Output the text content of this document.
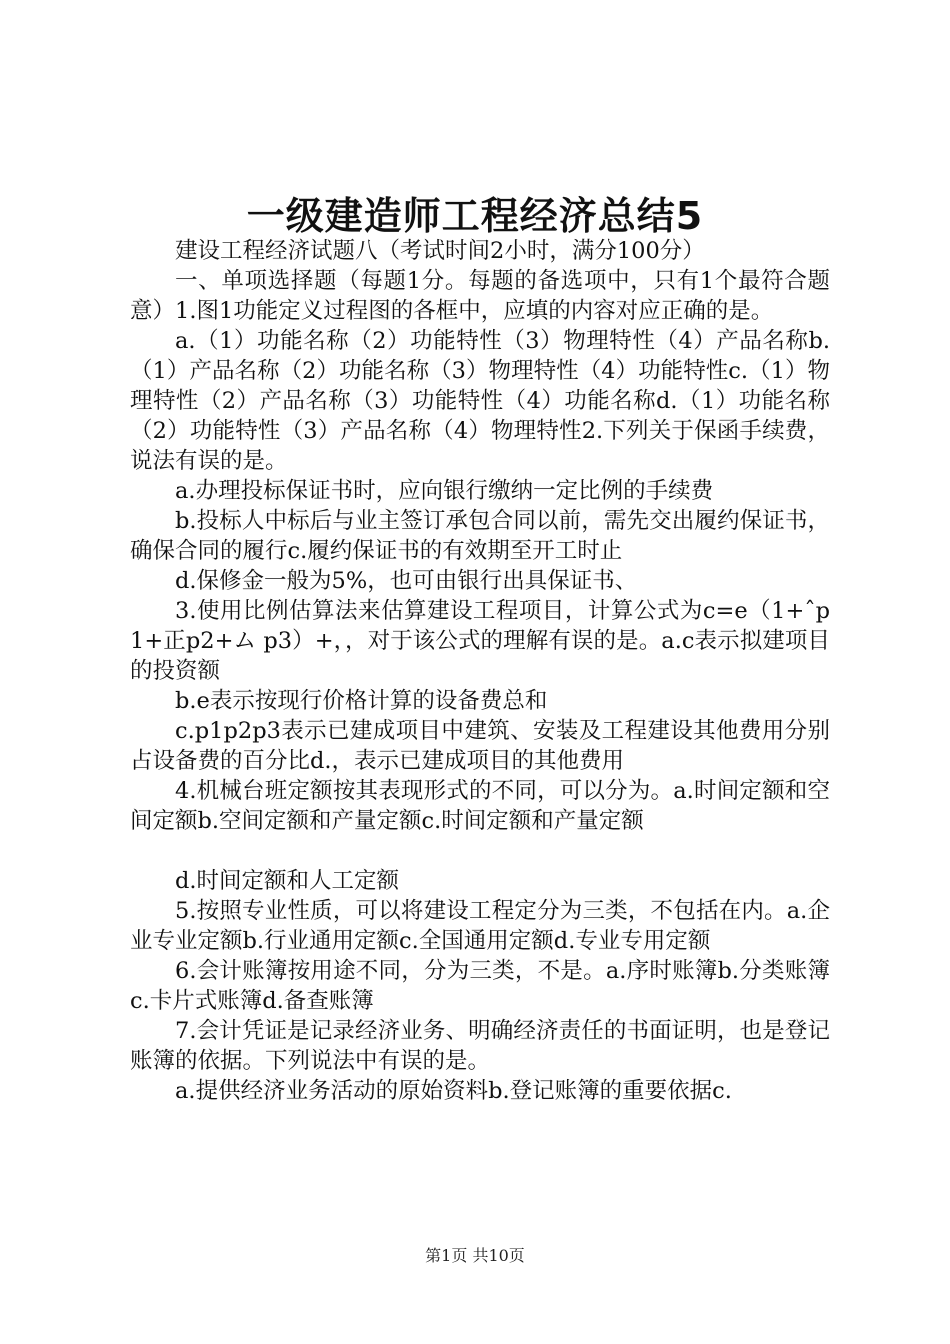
一级建造师工程经济总结5

建设工程经济试题八（考试时间2小时，满分100分）

一、单项选择题（每题1分。每题的备选项中，只有1个最符合题意）1.图1功能定义过程图的各框中，应填的内容对应正确的是。

a.（1）功能名称（2）功能特性（3）物理特性（4）产品名称b.（1）产品名称（2）功能名称（3）物理特性（4）功能特性c.（1）物理特性（2）产品名称（3）功能特性（4）功能名称d.（1）功能名称（2）功能特性（3）产品名称（4）物理特性2.下列关于保函手续费，说法有误的是。

a.办理投标保证书时，应向银行缴纳一定比例的手续费

b.投标人中标后与业主签订承包合同以前，需先交出履约保证书，确保合同的履行c.履约保证书的有效期至开工时止

d.保修金一般为5%，也可由银行出具保证书、

3.使用比例估算法来估算建设工程项目，计算公式为c=e（1+ˆp1+正p2+ム p3）+，，对于该公式的理解有误的是。a.c表示拟建项目的投资额

b.e表示按现行价格计算的设备费总和

c.p1p2p3表示已建成项目中建筑、安装及工程建设其他费用分别占设备费的百分比d.，表示已建成项目的其他费用

4.机械台班定额按其表现形式的不同，可以分为。a.时间定额和空间定额b.空间定额和产量定额c.时间定额和产量定额

d.时间定额和人工定额

5.按照专业性质，可以将建设工程定分为三类，不包括在内。a.企业专业定额b.行业通用定额c.全国通用定额d.专业专用定额

6.会计账簿按用途不同，分为三类，不是。a.序时账簿b.分类账簿c.卡片式账簿d.备查账簿

7.会计凭证是记录经济业务、明确经济责任的书面证明，也是登记账簿的依据。下列说法中有误的是。

a.提供经济业务活动的原始资料b.登记账簿的重要依据c.

第1页 共10页
